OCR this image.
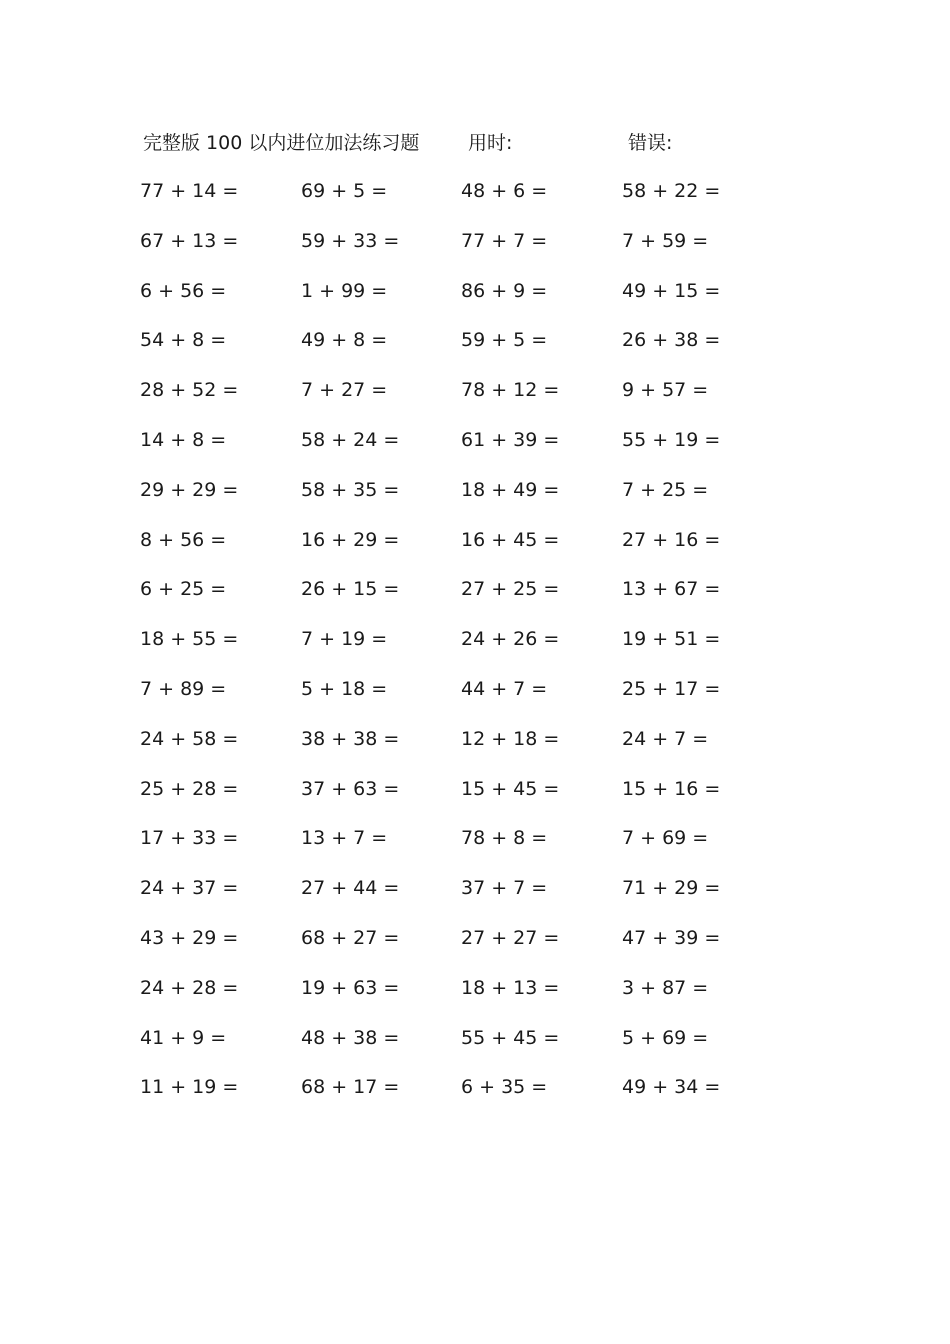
完整版 100 以内进位加法练习题	用时:	错误:
77 + 14 =	69 + 5 =	48 + 6 =	58 + 22 =
67 + 13 =	59 + 33 =	77 + 7 =	7 + 59 =
6 + 56 =	1 + 99 =	86 + 9 =	49 + 15 =
54 + 8 =	49 + 8 =	59 + 5 =	26 + 38 =
28 + 52 =	7 + 27 =	78 + 12 =	9 + 57 =
14 + 8 =	58 + 24 =	61 + 39 =	55 + 19 =
29 + 29 =	58 + 35 =	18 + 49 =	7 + 25 =
8 + 56 =	16 + 29 =	16 + 45 =	27 + 16 =
6 + 25 =	26 + 15 =	27 + 25 =	13 + 67 =
18 + 55 =	7 + 19 =	24 + 26 =	19 + 51 =
7 + 89 =	5 + 18 =	44 + 7 =	25 + 17 =
24 + 58 =	38 + 38 =	12 + 18 =	24 + 7 =
25 + 28 =	37 + 63 =	15 + 45 =	15 + 16 =
17 + 33 =	13 + 7 =	78 + 8 =	7 + 69 =
24 + 37 =	27 + 44 =	37 + 7 =	71 + 29 =
43 + 29 =	68 + 27 =	27 + 27 =	47 + 39 =
24 + 28 =	19 + 63 =	18 + 13 =	3 + 87 =
41 + 9 =	48 + 38 =	55 + 45 =	5 + 69 =
11 + 19 =	68 + 17 =	6 + 35 =	49 + 34 =
